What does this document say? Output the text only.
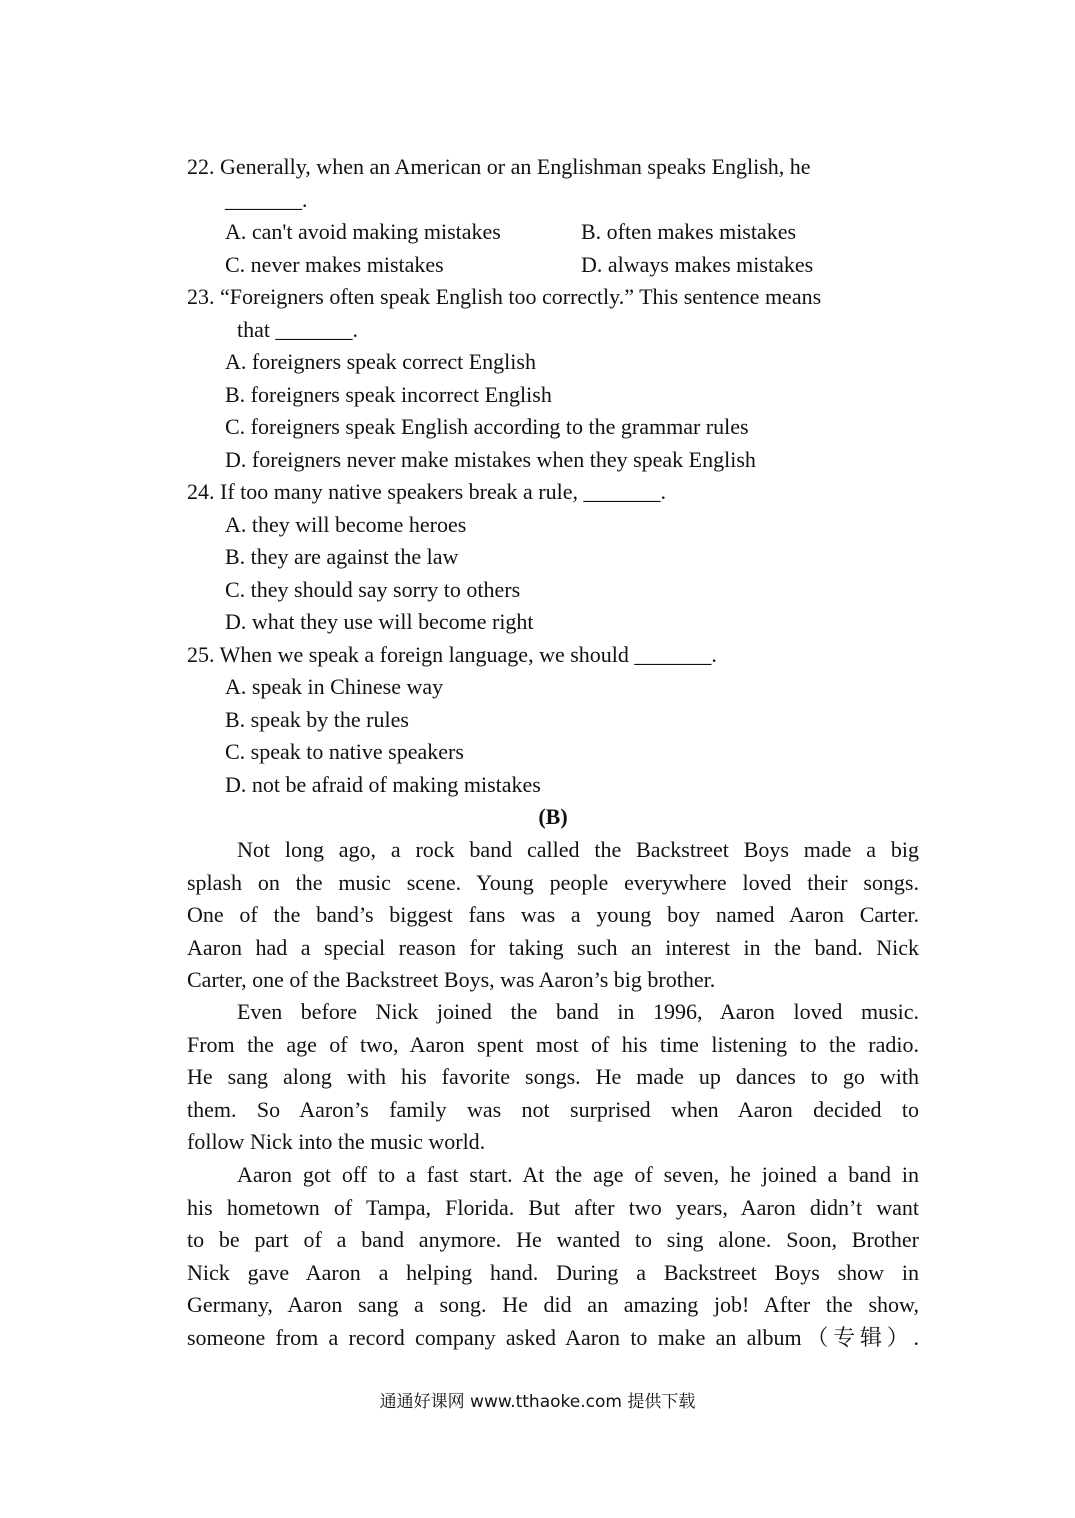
22. Generally, when an American or an Englishman speaks English, he
_______.
A. can't avoid making mistakes	B. often makes mistakes
C. never makes mistakes	D. always makes mistakes
23. “Foreigners often speak English too correctly.” This sentence means
that _______.
A. foreigners speak correct English
B. foreigners speak incorrect English
C. foreigners speak English according to the grammar rules
D. foreigners never make mistakes when they speak English
24. If too many native speakers break a rule, _______.
A. they will become heroes
B. they are against the law
C. they should say sorry to others
D. what they use will become right
25. When we speak a foreign language, we should _______.
A. speak in Chinese way
B. speak by the rules
C. speak to native speakers
D. not be afraid of making mistakes
(B)
Not long ago, a rock band called the Backstreet Boys made a big
splash on the music scene. Young people everywhere loved their songs.
One of the band’s biggest fans was a young boy named Aaron Carter.
Aaron had a special reason for taking such an interest in the band. Nick
Carter, one of the Backstreet Boys, was Aaron’s big brother.
Even before Nick joined the band in 1996, Aaron loved music.
From the age of two, Aaron spent most of his time listening to the radio.
He sang along with his favorite songs. He made up dances to go with
them. So Aaron’s family was not surprised when Aaron decided to
follow Nick into the music world.
Aaron got off to a fast start. At the age of seven, he joined a band in
his hometown of Tampa, Florida. But after two years, Aaron didn’t want
to be part of a band anymore. He wanted to sing alone. Soon, Brother
Nick gave Aaron a helping hand. During a Backstreet Boys show in
Germany, Aaron sang a song. He did an amazing job! After the show,
someone from a record company asked Aaron to make an album（专辑）.
通通好课网 www.tthaoke.com 提供下载
